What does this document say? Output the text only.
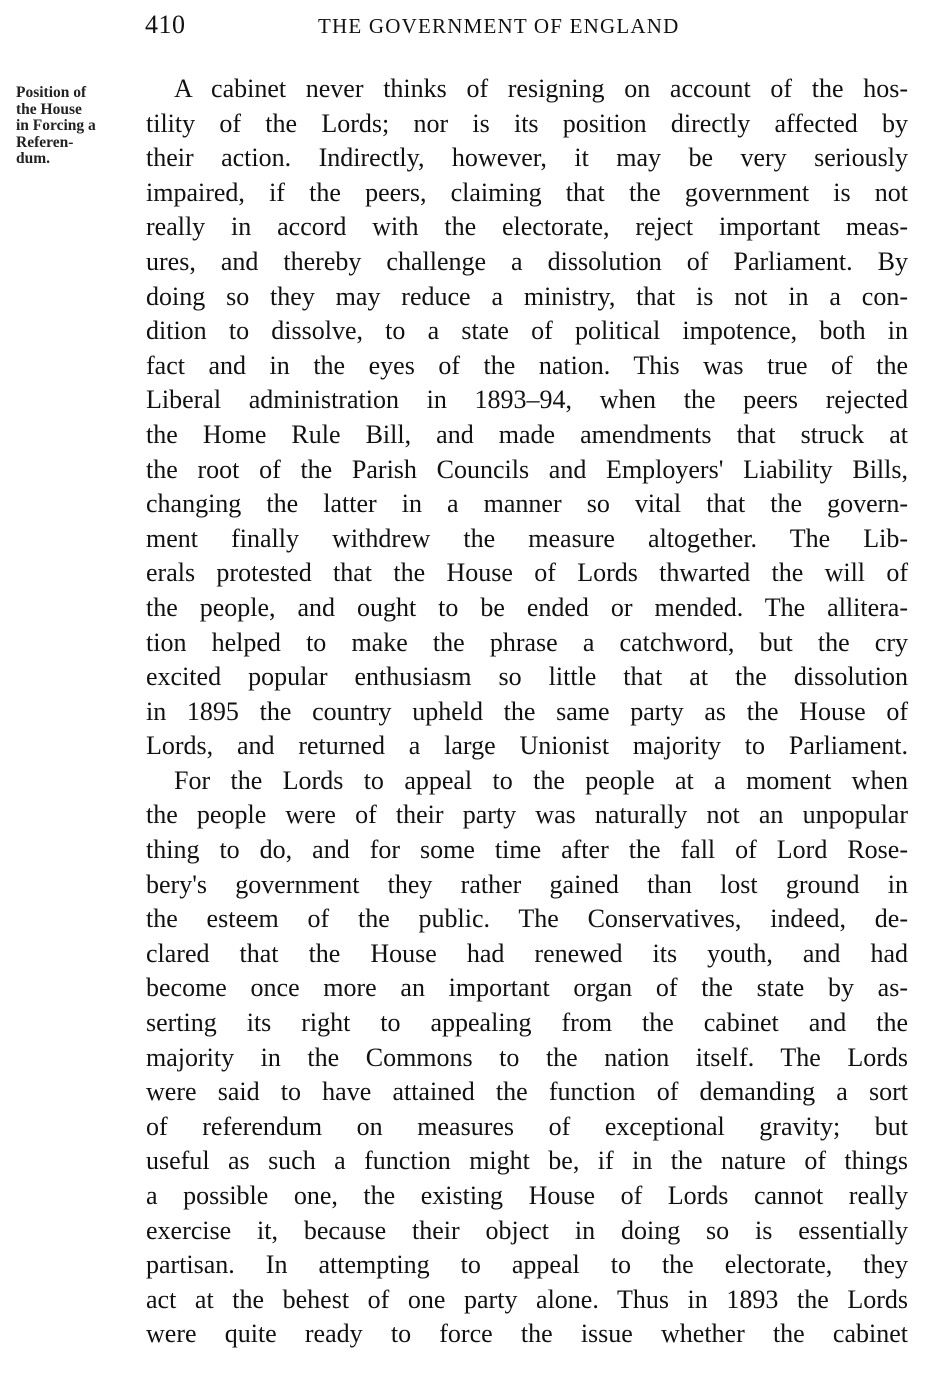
410	THE GOVERNMENT OF ENGLAND
Position of
the House
in Forcing a
Referen-
dum.
A cabinet never thinks of resigning on account of the hos-
tility of the Lords; nor is its position directly affected by
their action. Indirectly, however, it may be very seriously
impaired, if the peers, claiming that the government is not
really in accord with the electorate, reject important meas-
ures, and thereby challenge a dissolution of Parliament. By
doing so they may reduce a ministry, that is not in a con-
dition to dissolve, to a state of political impotence, both in
fact and in the eyes of the nation. This was true of the
Liberal administration in 1893–94, when the peers rejected
the Home Rule Bill, and made amendments that struck at
the root of the Parish Councils and Employers' Liability Bills,
changing the latter in a manner so vital that the govern-
ment finally withdrew the measure altogether. The Lib-
erals protested that the House of Lords thwarted the will of
the people, and ought to be ended or mended. The allitera-
tion helped to make the phrase a catchword, but the cry
excited popular enthusiasm so little that at the dissolution
in 1895 the country upheld the same party as the House of
Lords, and returned a large Unionist majority to Parliament.
For the Lords to appeal to the people at a moment when
the people were of their party was naturally not an unpopular
thing to do, and for some time after the fall of Lord Rose-
bery's government they rather gained than lost ground in
the esteem of the public. The Conservatives, indeed, de-
clared that the House had renewed its youth, and had
become once more an important organ of the state by as-
serting its right to appealing from the cabinet and the
majority in the Commons to the nation itself. The Lords
were said to have attained the function of demanding a sort
of referendum on measures of exceptional gravity; but
useful as such a function might be, if in the nature of things
a possible one, the existing House of Lords cannot really
exercise it, because their object in doing so is essentially
partisan. In attempting to appeal to the electorate, they
act at the behest of one party alone. Thus in 1893 the Lords
were quite ready to force the issue whether the cabinet
